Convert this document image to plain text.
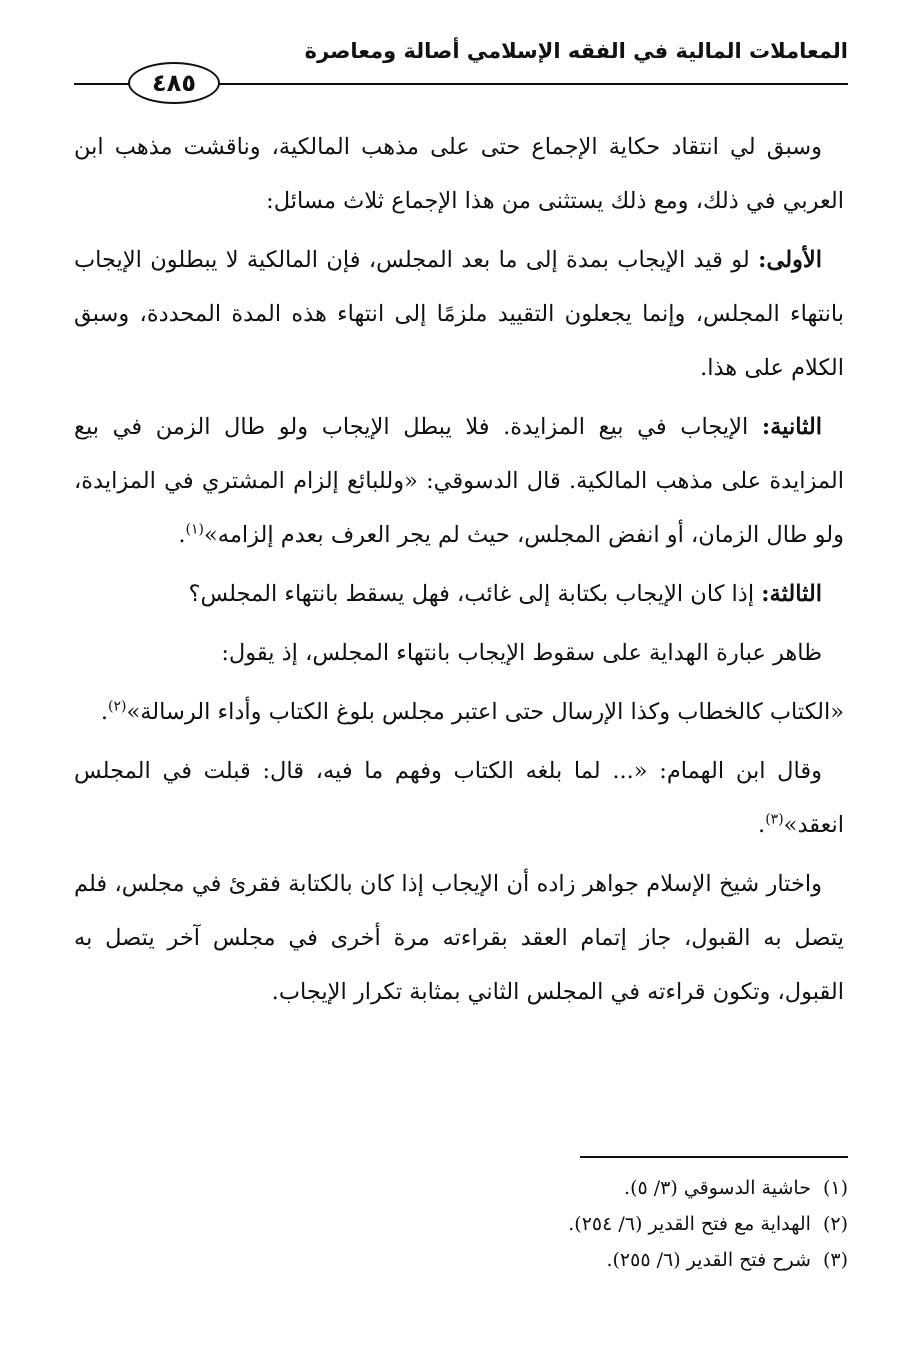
المعاملات المالية في الفقه الإسلامي أصالة ومعاصرة
٤٨٥

وسبق لي انتقاد حكاية الإجماع حتى على مذهب المالكية، وناقشت مذهب ابن العربي في ذلك، ومع ذلك يستثنى من هذا الإجماع ثلاث مسائل:

الأولى: لو قيد الإيجاب بمدة إلى ما بعد المجلس، فإن المالكية لا يبطلون الإيجاب بانتهاء المجلس، وإنما يجعلون التقييد ملزمًا إلى انتهاء هذه المدة المحددة، وسبق الكلام على هذا.

الثانية: الإيجاب في بيع المزايدة. فلا يبطل الإيجاب ولو طال الزمن في بيع المزايدة على مذهب المالكية. قال الدسوقي: «وللبائع إلزام المشتري في المزايدة، ولو طال الزمان، أو انفض المجلس، حيث لم يجر العرف بعدم إلزامه»$^{(١)}$.

الثالثة: إذا كان الإيجاب بكتابة إلى غائب، فهل يسقط بانتهاء المجلس؟

ظاهر عبارة الهداية على سقوط الإيجاب بانتهاء المجلس، إذ يقول:

«الكتاب كالخطاب وكذا الإرسال حتى اعتبر مجلس بلوغ الكتاب وأداء الرسالة»$^{(٢)}$.

وقال ابن الهمام: «... لما بلغه الكتاب وفهم ما فيه، قال: قبلت في المجلس انعقد»$^{(٣)}$.

واختار شيخ الإسلام جواهر زاده أن الإيجاب إذا كان بالكتابة فقرئ في مجلس، فلم يتصل به القبول، جاز إتمام العقد بقراءته مرة أخرى في مجلس آخر يتصل به القبول، وتكون قراءته في المجلس الثاني بمثابة تكرار الإيجاب.

(١)حاشية الدسوقي (٣/ ٥).

(٢)الهداية مع فتح القدير (٦/ ٢٥٤).

(٣)شرح فتح القدير (٦/ ٢٥٥).
